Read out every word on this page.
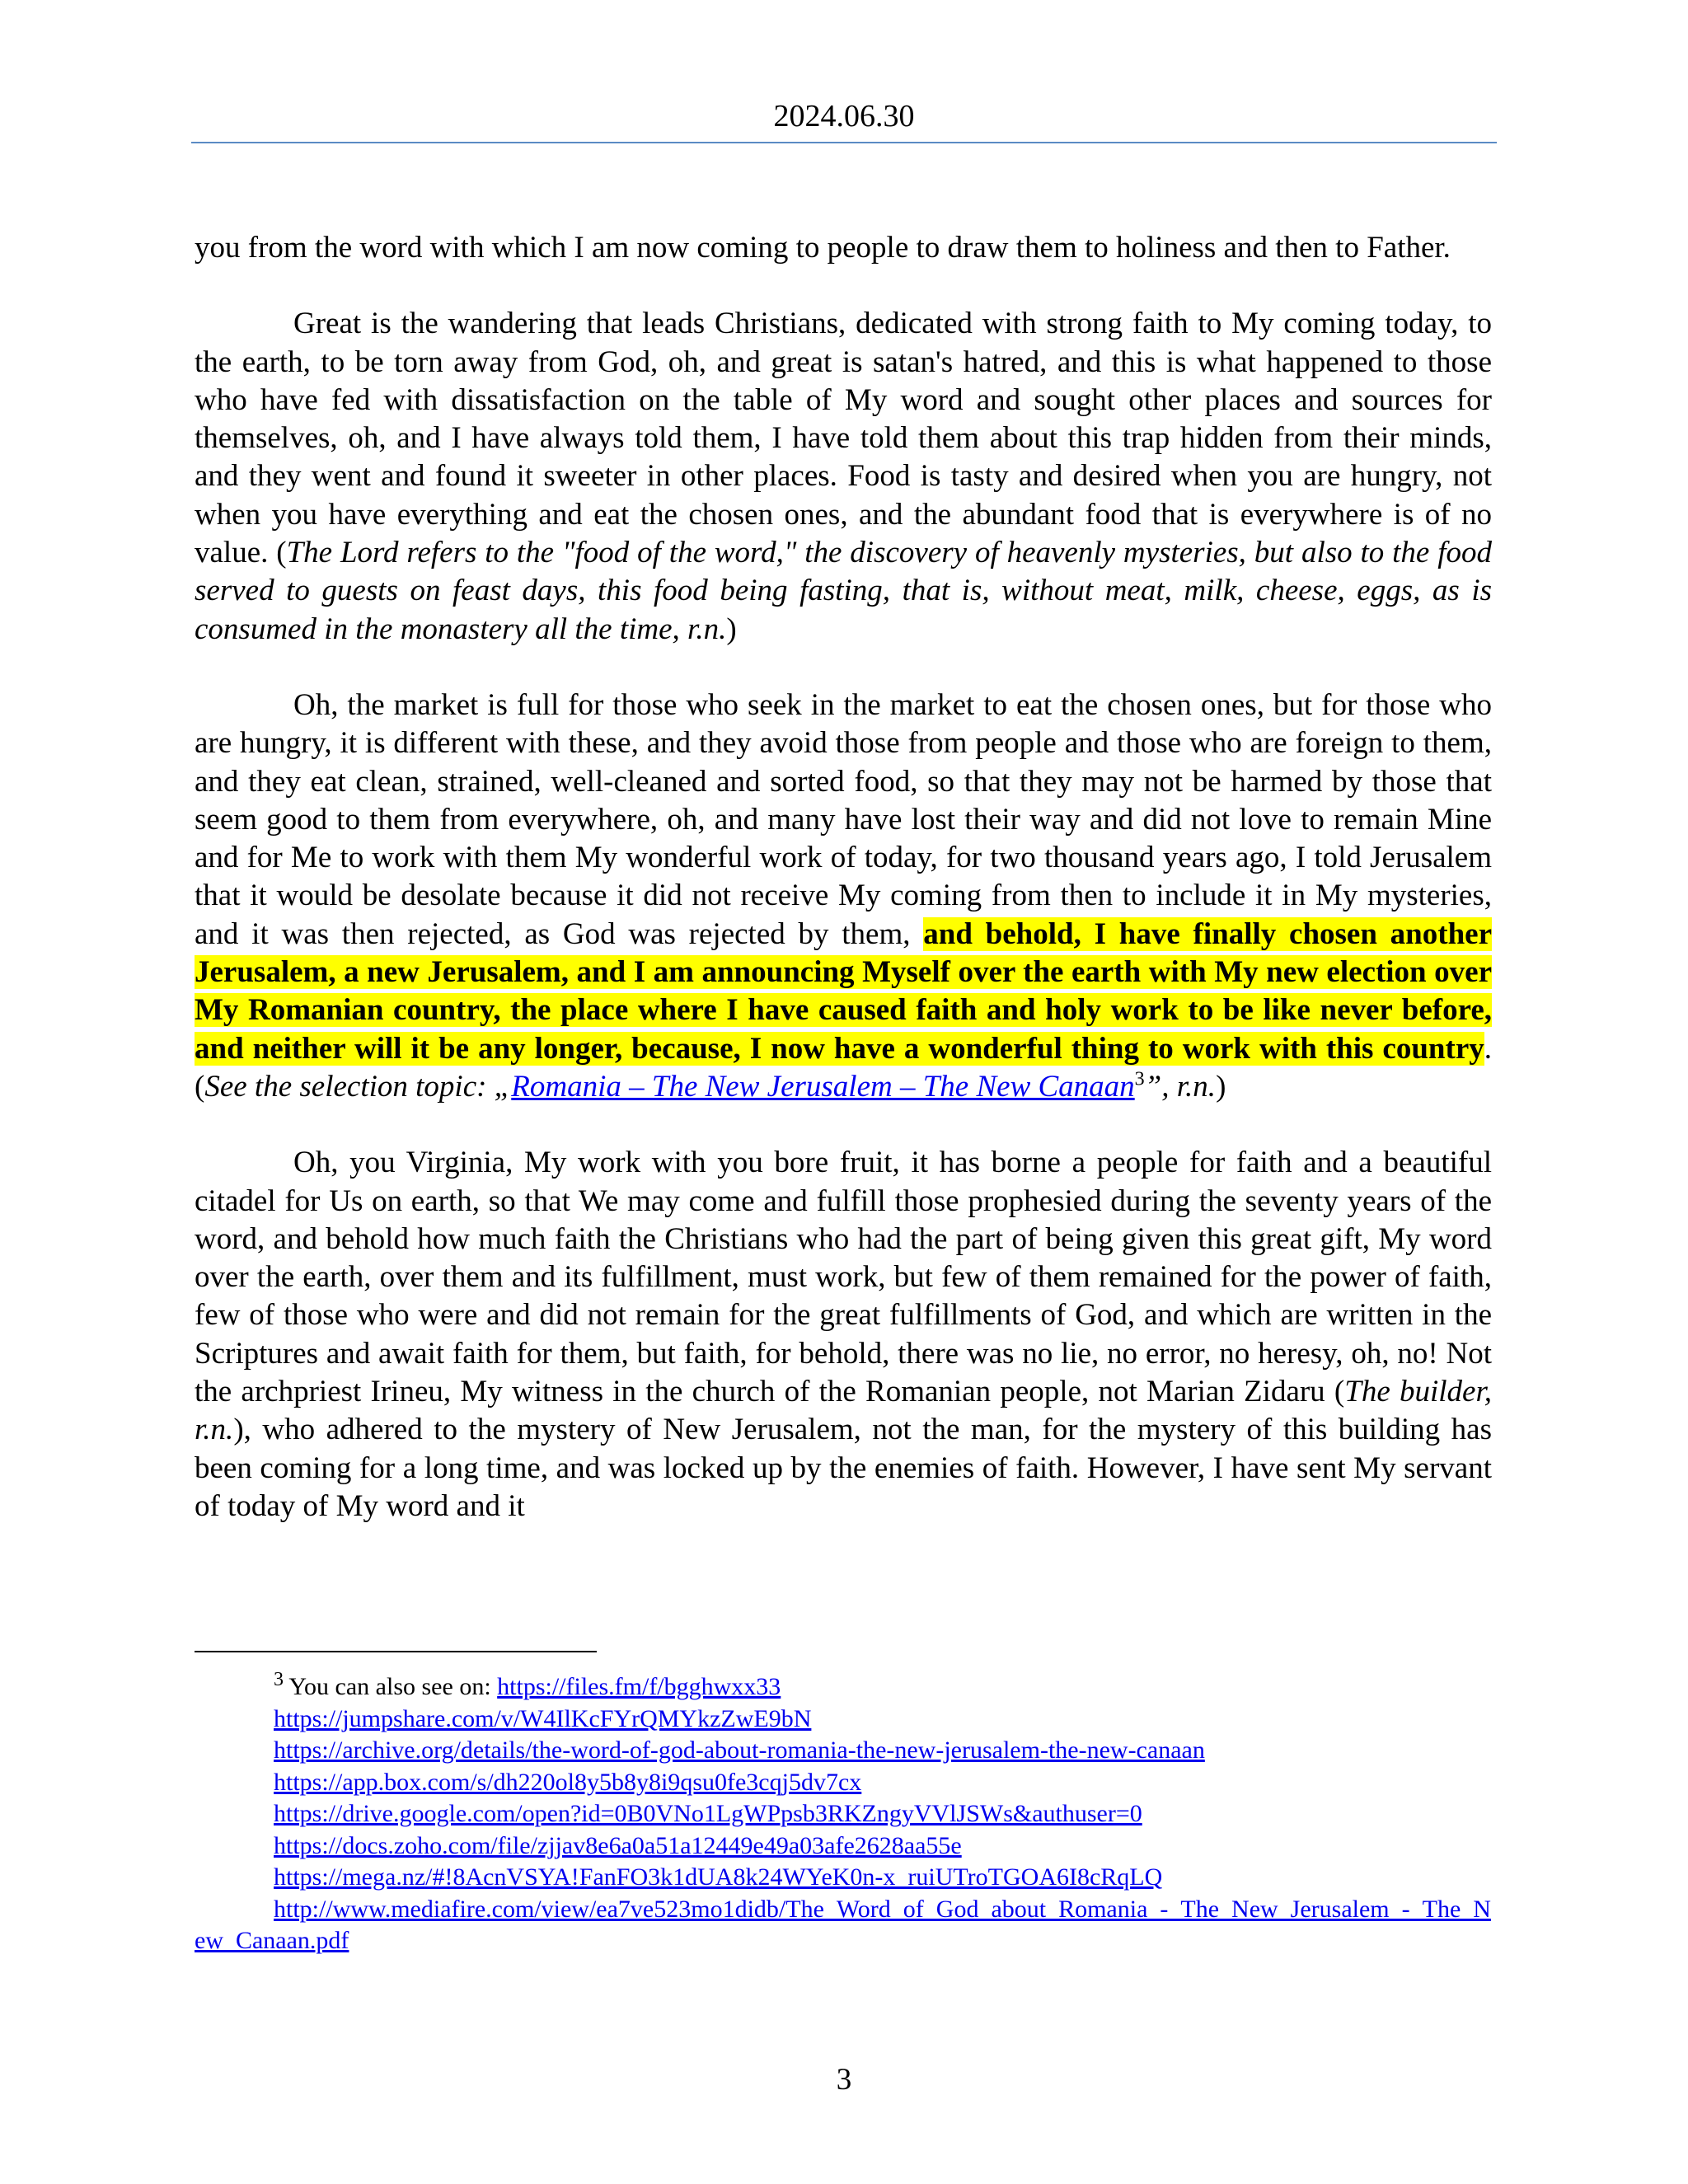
2024.06.30

you from the word with which I am now coming to people to draw them to holiness and then to Father.

Great is the wandering that leads Christians, dedicated with strong faith to My coming today, to the earth, to be torn away from God, oh, and great is satan's hatred, and this is what happened to those who have fed with dissatisfaction on the table of My word and sought other places and sources for themselves, oh, and I have always told them, I have told them about this trap hidden from their minds, and they went and found it sweeter in other places. Food is tasty and desired when you are hungry, not when you have everything and eat the chosen ones, and the abundant food that is everywhere is of no value. (The Lord refers to the "food of the word," the discovery of heavenly mysteries, but also to the food served to guests on feast days, this food being fasting, that is, without meat, milk, cheese, eggs, as is consumed in the monastery all the time, r.n.)

Oh, the market is full for those who seek in the market to eat the chosen ones, but for those who are hungry, it is different with these, and they avoid those from people and those who are foreign to them, and they eat clean, strained, well-cleaned and sorted food, so that they may not be harmed by those that seem good to them from everywhere, oh, and many have lost their way and did not love to remain Mine and for Me to work with them My wonderful work of today, for two thousand years ago, I told Jerusalem that it would be desolate because it did not receive My coming from then to include it in My mysteries, and it was then rejected, as God was rejected by them, and behold, I have finally chosen another Jerusalem, a new Jerusalem, and I am announcing Myself over the earth with My new election over My Romanian country, the place where I have caused faith and holy work to be like never before, and neither will it be any longer, because, I now have a wonderful thing to work with this country. (See the selection topic: „Romania – The New Jerusalem – The New Canaan$^3$”, r.n.)

Oh, you Virginia, My work with you bore fruit, it has borne a people for faith and a beautiful citadel for Us on earth, so that We may come and fulfill those prophesied during the seventy years of the word, and behold how much faith the Christians who had the part of being given this great gift, My word over the earth, over them and its fulfillment, must work, but few of them remained for the power of faith, few of those who were and did not remain for the great fulfillments of God, and which are written in the Scriptures and await faith for them, but faith, for behold, there was no lie, no error, no heresy, oh, no! Not the archpriest Irineu, My witness in the church of the Romanian people, not Marian Zidaru (The builder, r.n.), who adhered to the mystery of New Jerusalem, not the man, for the mystery of this building has been coming for a long time, and was locked up by the enemies of faith. However, I have sent My servant of today of My word and it

$^3$ You can also see on: https://files.fm/f/bgghwxx33
https://jumpshare.com/v/W4IlKcFYrQMYkzZwE9bN
https://archive.org/details/the-word-of-god-about-romania-the-new-jerusalem-the-new-canaan
https://app.box.com/s/dh220ol8y5b8y8i9qsu0fe3cqj5dv7cx
https://drive.google.com/open?id=0B0VNo1LgWPpsb3RKZngyVVlJSWs&authuser=0
https://docs.zoho.com/file/zjjav8e6a0a51a12449e49a03afe2628aa55e
https://mega.nz/#!8AcnVSYA!FanFO3k1dUA8k24WYeK0n-x_ruiUTroTGOA6I8cRqLQ
http://www.mediafire.com/view/ea7ve523mo1didb/The_Word_of_God_about_Romania_-_The_New_Jerusalem_-_The_New_Canaan.pdf
3
